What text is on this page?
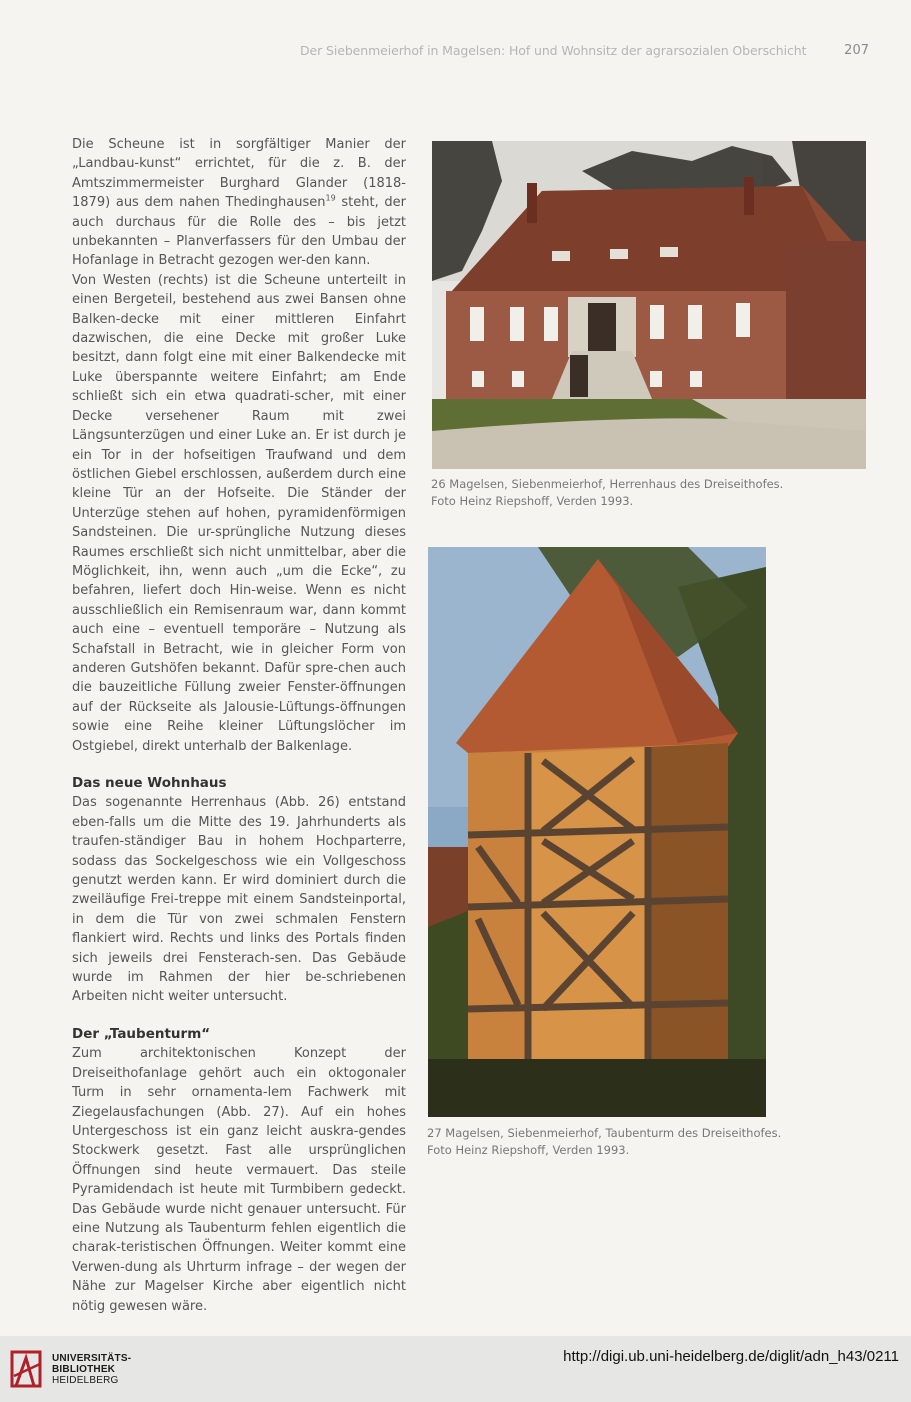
Der Siebenmeierhof in Magelsen: Hof und Wohnsitz der agrarsozialen Oberschicht	207

Die Scheune ist in sorgfältiger Manier der „Landbau-kunst“ errichtet, für die z. B. der Amtszimmermeister Burghard Glander (1818-1879) aus dem nahen Thedinghausen$^{19}$ steht, der auch durchaus für die Rolle des – bis jetzt unbekannten – Planverfassers für den Umbau der Hofanlage in Betracht gezogen wer-den kann.

Von Westen (rechts) ist die Scheune unterteilt in einen Bergeteil, bestehend aus zwei Bansen ohne Balken-decke mit einer mittleren Einfahrt dazwischen, die eine Decke mit großer Luke besitzt, dann folgt eine mit einer Balkendecke mit Luke überspannte weitere Einfahrt; am Ende schließt sich ein etwa quadrati-scher, mit einer Decke versehener Raum mit zwei Längsunterzügen und einer Luke an. Er ist durch je ein Tor in der hofseitigen Traufwand und dem östlichen Giebel erschlossen, außerdem durch eine kleine Tür an der Hofseite. Die Ständer der Unterzüge stehen auf hohen, pyramidenförmigen Sandsteinen. Die ur-sprüngliche Nutzung dieses Raumes erschließt sich nicht unmittelbar, aber die Möglichkeit, ihn, wenn auch „um die Ecke“, zu befahren, liefert doch Hin-weise. Wenn es nicht ausschließlich ein Remisenraum war, dann kommt auch eine – eventuell temporäre – Nutzung als Schafstall in Betracht, wie in gleicher Form von anderen Gutshöfen bekannt. Dafür spre-chen auch die bauzeitliche Füllung zweier Fenster-öffnungen auf der Rückseite als Jalousie-Lüftungs-öffnungen sowie eine Reihe kleiner Lüftungslöcher im Ostgiebel, direkt unterhalb der Balkenlage.

Das neue Wohnhaus

Das sogenannte Herrenhaus (Abb. 26) entstand eben-falls um die Mitte des 19. Jahrhunderts als traufen-ständiger Bau in hohem Hochparterre, sodass das Sockelgeschoss wie ein Vollgeschoss genutzt werden kann. Er wird dominiert durch die zweiläufige Frei-treppe mit einem Sandsteinportal, in dem die Tür von zwei schmalen Fenstern flankiert wird. Rechts und links des Portals finden sich jeweils drei Fensterach-sen. Das Gebäude wurde im Rahmen der hier be-schriebenen Arbeiten nicht weiter untersucht.

Der „Taubenturm“

Zum architektonischen Konzept der Dreiseithofanlage gehört auch ein oktogonaler Turm in sehr ornamenta-lem Fachwerk mit Ziegelausfachungen (Abb. 27). Auf ein hohes Untergeschoss ist ein ganz leicht auskra-gendes Stockwerk gesetzt. Fast alle ursprünglichen Öffnungen sind heute vermauert. Das steile Pyramidendach ist heute mit Turmbibern gedeckt. Das Gebäude wurde nicht genauer untersucht. Für eine Nutzung als Taubenturm fehlen eigentlich die charak-teristischen Öffnungen. Weiter kommt eine Verwen-dung als Uhrturm infrage – der wegen der Nähe zur Magelser Kirche aber eigentlich nicht nötig gewesen wäre.

26 Magelsen, Siebenmeierhof, Herrenhaus des Dreiseithofes.
Foto Heinz Riepshoff, Verden 1993.
27 Magelsen, Siebenmeierhof, Taubenturm des Dreiseithofes.
Foto Heinz Riepshoff, Verden 1993.
UNIVERSITÄTS-
BIBLIOTHEK
HEIDELBERG
http://digi.ub.uni-heidelberg.de/diglit/adn_h43/0211
